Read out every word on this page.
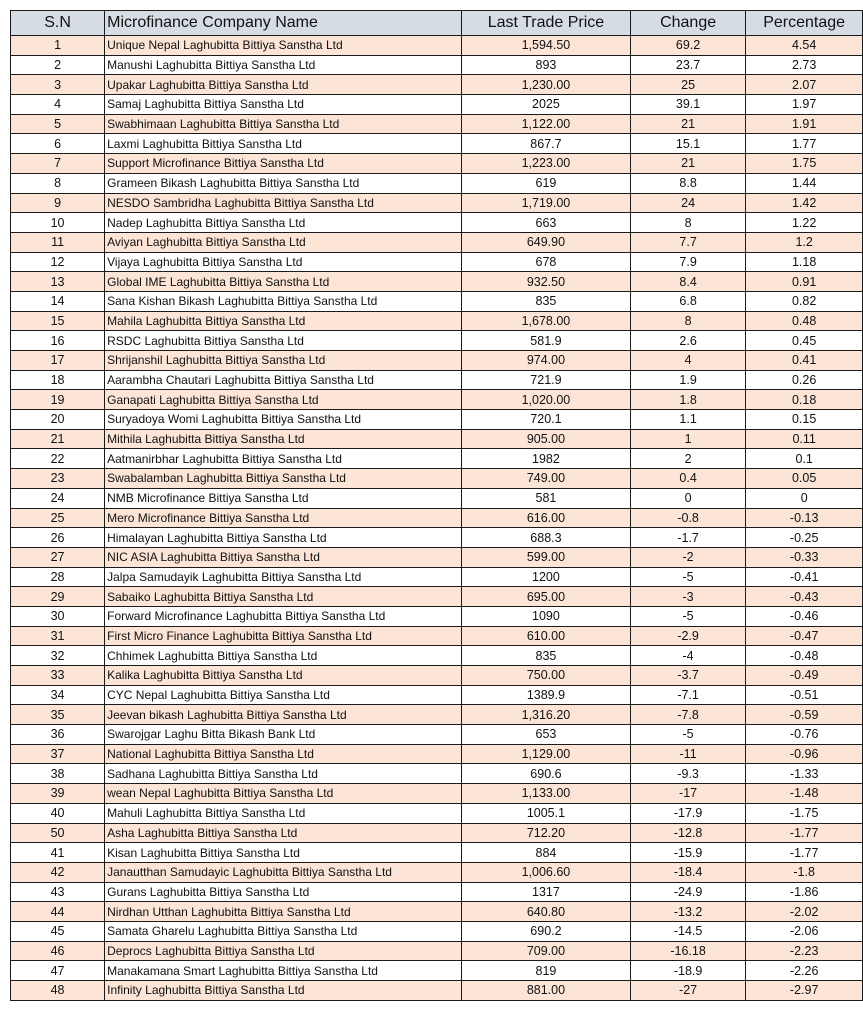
S.N	Microfinance Company Name	Last Trade Price	Change	Percentage
1	Unique Nepal Laghubitta Bittiya Sanstha Ltd	1,594.50	69.2	4.54
2	Manushi Laghubitta Bittiya Sanstha Ltd	893	23.7	2.73
3	Upakar Laghubitta Bittiya Sanstha Ltd	1,230.00	25	2.07
4	Samaj Laghubitta Bittiya Sanstha Ltd	2025	39.1	1.97
5	Swabhimaan Laghubitta Bittiya Sanstha Ltd	1,122.00	21	1.91
6	Laxmi Laghubitta Bittiya Sanstha Ltd	867.7	15.1	1.77
7	Support Microfinance Bittiya Sanstha Ltd	1,223.00	21	1.75
8	Grameen Bikash Laghubitta Bittiya Sanstha Ltd	619	8.8	1.44
9	NESDO Sambridha Laghubitta Bittiya Sanstha Ltd	1,719.00	24	1.42
10	Nadep Laghubitta Bittiya Sanstha Ltd	663	8	1.22
11	Aviyan Laghubitta Bittiya Sanstha Ltd	649.90	7.7	1.2
12	Vijaya Laghubitta Bittiya Sanstha Ltd	678	7.9	1.18
13	Global IME Laghubitta Bittiya Sanstha Ltd	932.50	8.4	0.91
14	Sana Kishan Bikash Laghubitta Bittiya Sanstha Ltd	835	6.8	0.82
15	Mahila Laghubitta Bittiya Sanstha Ltd	1,678.00	8	0.48
16	RSDC Laghubitta Bittiya Sanstha Ltd	581.9	2.6	0.45
17	Shrijanshil Laghubitta Bittiya Sanstha Ltd	974.00	4	0.41
18	Aarambha Chautari Laghubitta Bittiya Sanstha Ltd	721.9	1.9	0.26
19	Ganapati Laghubitta Bittiya Sanstha Ltd	1,020.00	1.8	0.18
20	Suryadoya Womi Laghubitta Bittiya Sanstha Ltd	720.1	1.1	0.15
21	Mithila Laghubitta Bittiya Sanstha Ltd	905.00	1	0.11
22	Aatmanirbhar Laghubitta Bittiya Sanstha Ltd	1982	2	0.1
23	Swabalamban Laghubitta Bittiya Sanstha Ltd	749.00	0.4	0.05
24	NMB Microfinance Bittiya Sanstha Ltd	581	0	0
25	Mero Microfinance Bittiya Sanstha Ltd	616.00	-0.8	-0.13
26	Himalayan Laghubitta Bittiya Sanstha Ltd	688.3	-1.7	-0.25
27	NIC ASIA Laghubitta Bittiya Sanstha Ltd	599.00	-2	-0.33
28	Jalpa Samudayik Laghubitta Bittiya Sanstha Ltd	1200	-5	-0.41
29	Sabaiko Laghubitta Bittiya Sanstha Ltd	695.00	-3	-0.43
30	Forward Microfinance Laghubitta Bittiya Sanstha Ltd	1090	-5	-0.46
31	First Micro Finance Laghubitta Bittiya Sanstha Ltd	610.00	-2.9	-0.47
32	Chhimek Laghubitta Bittiya Sanstha Ltd	835	-4	-0.48
33	Kalika Laghubitta Bittiya Sanstha Ltd	750.00	-3.7	-0.49
34	CYC Nepal Laghubitta Bittiya Sanstha Ltd	1389.9	-7.1	-0.51
35	Jeevan bikash Laghubitta Bittiya Sanstha Ltd	1,316.20	-7.8	-0.59
36	Swarojgar Laghu Bitta Bikash Bank Ltd	653	-5	-0.76
37	National Laghubitta Bittiya Sanstha Ltd	1,129.00	-11	-0.96
38	Sadhana Laghubitta Bittiya Sanstha Ltd	690.6	-9.3	-1.33
39	wean Nepal Laghubitta Bittiya Sanstha Ltd	1,133.00	-17	-1.48
40	Mahuli Laghubitta Bittiya Sanstha Ltd	1005.1	-17.9	-1.75
50	Asha Laghubitta Bittiya Sanstha Ltd	712.20	-12.8	-1.77
41	Kisan Laghubitta Bittiya Sanstha Ltd	884	-15.9	-1.77
42	Janautthan Samudayic Laghubitta Bittiya Sanstha Ltd	1,006.60	-18.4	-1.8
43	Gurans Laghubitta Bittiya Sanstha Ltd	1317	-24.9	-1.86
44	Nirdhan Utthan Laghubitta Bittiya Sanstha Ltd	640.80	-13.2	-2.02
45	Samata Gharelu Laghubitta Bittiya Sanstha Ltd	690.2	-14.5	-2.06
46	Deprocs Laghubitta Bittiya Sanstha Ltd	709.00	-16.18	-2.23
47	Manakamana Smart Laghubitta Bittiya Sanstha Ltd	819	-18.9	-2.26
48	Infinity Laghubitta Bittiya Sanstha Ltd	881.00	-27	-2.97
